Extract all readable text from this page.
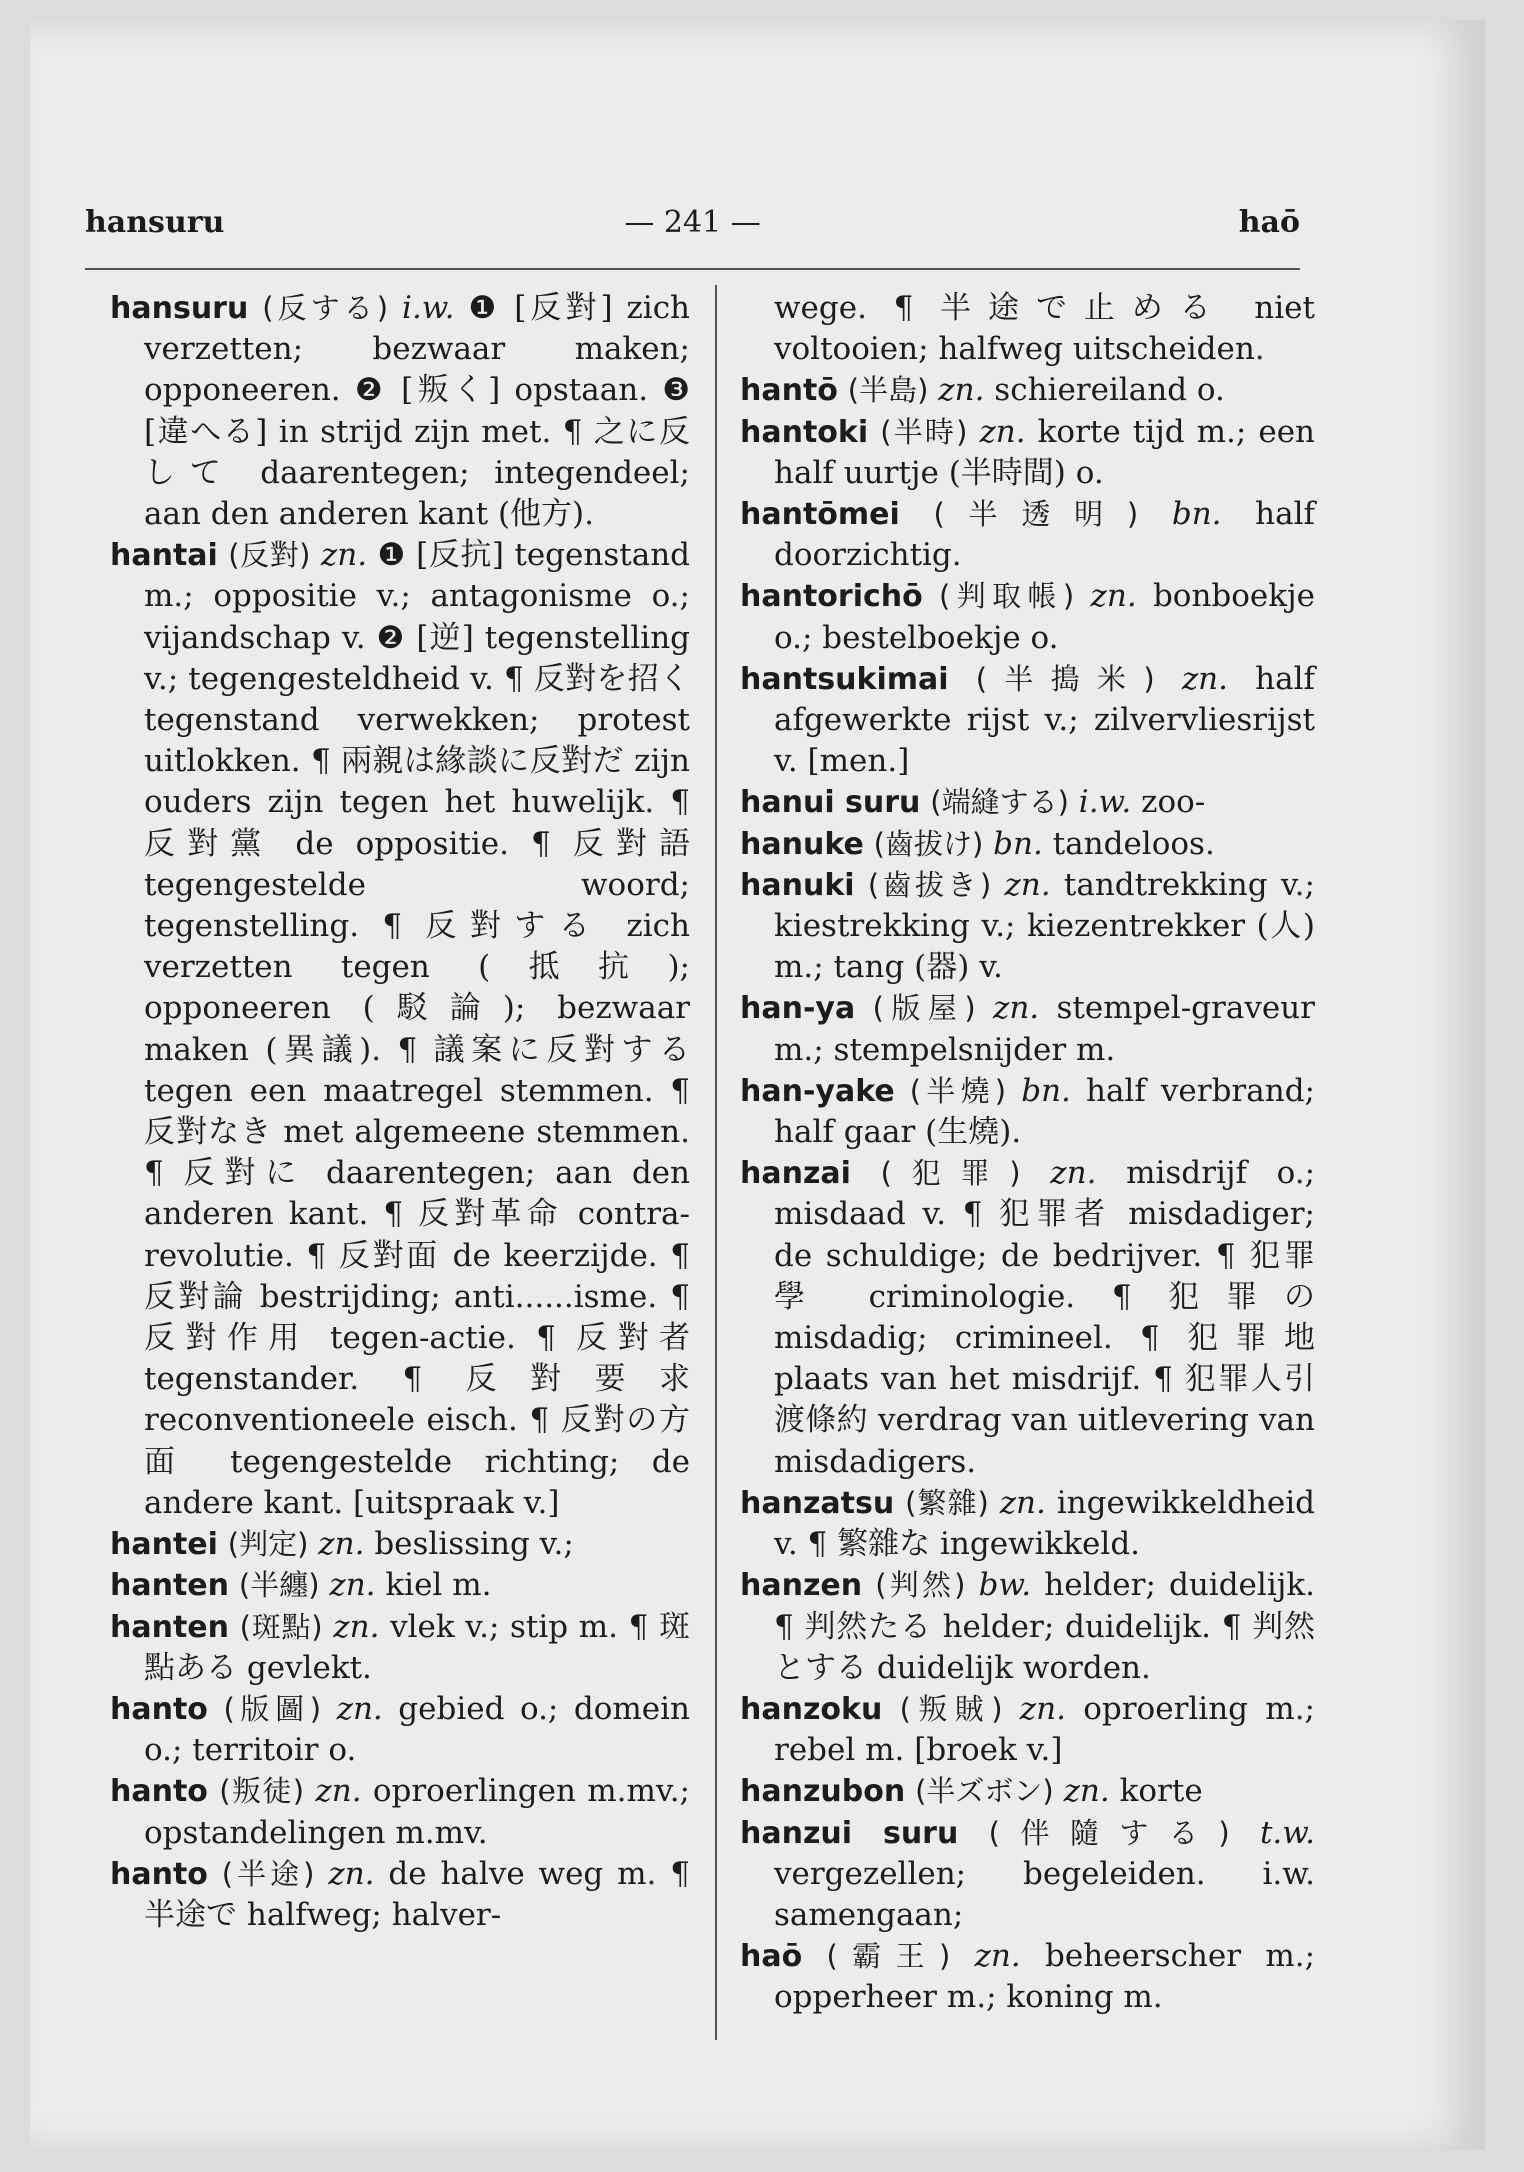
hansuru	— 241 —	haō
hansuru (反する) i.w. ❶ [反對] zich verzetten; bezwaar maken; opponeeren. ❷ [叛く] opstaan. ❸ [違へる] in strijd zijn met. ¶ 之に反して daarentegen; integendeel; aan den anderen kant (他方).
hantai (反對) zn. ❶ [反抗] tegenstand m.; oppositie v.; antagonisme o.; vijandschap v. ❷ [逆] tegenstelling v.; tegengesteldheid v. ¶ 反對を招く tegenstand verwekken; protest uitlokken. ¶ 兩親は緣談に反對だ zijn ouders zijn tegen het huwelijk. ¶ 反對黨 de oppositie. ¶ 反對語 tegengestelde woord; tegenstelling. ¶ 反對する zich verzetten tegen (抵抗); opponeeren (駁論); bezwaar maken (異議). ¶ 議案に反對する tegen een maatregel stemmen. ¶ 反對なき met algemeene stemmen. ¶ 反對に daarentegen; aan den anderen kant. ¶ 反對革命 contra-revolutie. ¶ 反對面 de keerzijde. ¶ 反對論 bestrijding; anti......isme. ¶ 反對作用 tegen-actie. ¶ 反對者 tegenstander. ¶ 反對要求 reconventioneele eisch. ¶ 反對の方面 tegengestelde richting; de andere kant. [uitspraak v.]
hantei (判定) zn. beslissing v.;
hanten (半纏) zn. kiel m.
hanten (斑點) zn. vlek v.; stip m. ¶ 斑點ある gevlekt.
hanto (版圖) zn. gebied o.; domein o.; territoir o.
hanto (叛徒) zn. oproerlingen m.mv.; opstandelingen m.mv.
hanto (半途) zn. de halve weg m. ¶ 半途で halfweg; halver-
wege. ¶ 半途で止める niet voltooien; halfweg uitscheiden.
hantō (半島) zn. schiereiland o.
hantoki (半時) zn. korte tijd m.; een half uurtje (半時間) o.
hantōmei (半透明) bn. half doorzichtig.
hantorichō (判取帳) zn. bonboekje o.; bestelboekje o.
hantsukimai (半搗米) zn. half afgewerkte rijst v.; zilvervliesrijst v. [men.]
hanui suru (端縫する) i.w. zoo-
hanuke (齒拔け) bn. tandeloos.
hanuki (齒拔き) zn. tandtrekking v.; kiestrekking v.; kiezentrekker (人) m.; tang (器) v.
han-ya (版屋) zn. stempel-graveur m.; stempelsnijder m.
han-yake (半燒) bn. half verbrand; half gaar (生燒).
hanzai (犯罪) zn. misdrijf o.; misdaad v. ¶ 犯罪者 misdadiger; de schuldige; de bedrijver. ¶ 犯罪學 criminologie. ¶ 犯罪の misdadig; crimineel. ¶ 犯罪地 plaats van het misdrijf. ¶ 犯罪人引渡條約 verdrag van uitlevering van misdadigers.
hanzatsu (繁雜) zn. ingewikkeldheid v. ¶ 繁雜な ingewikkeld.
hanzen (判然) bw. helder; duidelijk. ¶ 判然たる helder; duidelijk. ¶ 判然とする duidelijk worden.
hanzoku (叛賊) zn. oproerling m.; rebel m. [broek v.]
hanzubon (半ズボン) zn. korte
hanzui suru (伴隨する) t.w. vergezellen; begeleiden. i.w. samengaan;
haō (霸王) zn. beheerscher m.; opperheer m.; koning m.
